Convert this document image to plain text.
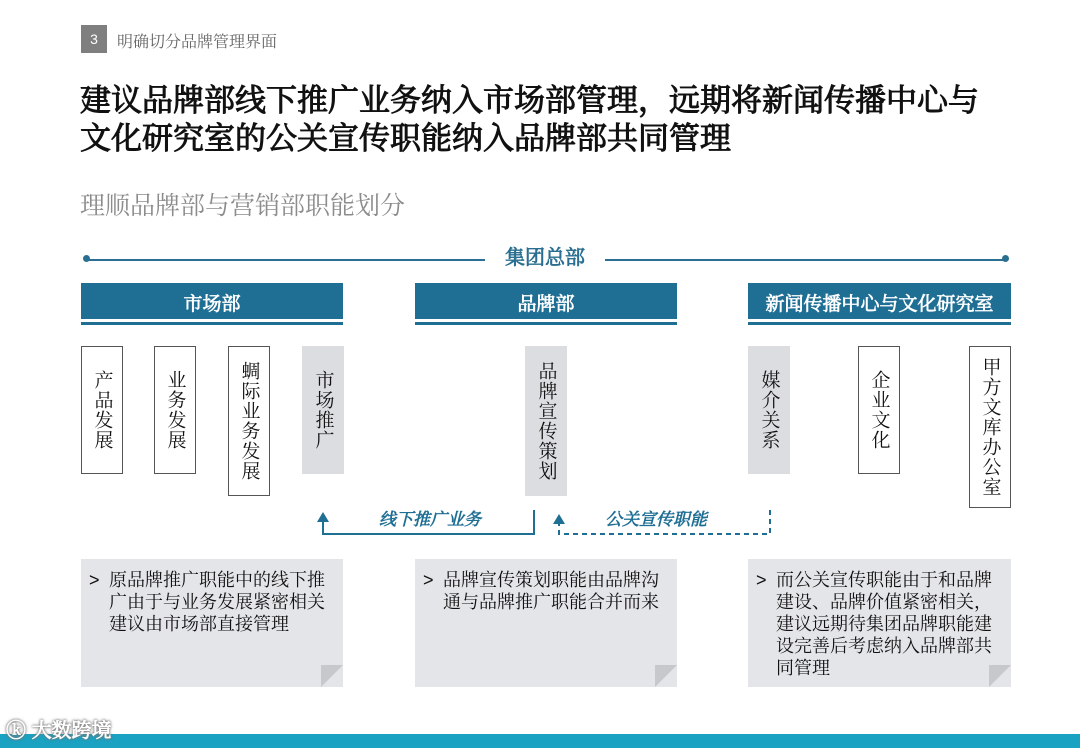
3	明确切分品牌管理界面
建议品牌部线下推广业务纳入市场部管理，远期将新闻传播中心与
文化研究室的公关宣传职能纳入品牌部共同管理
理顺品牌部与营销部职能划分
集团总部
市场部	品牌部	新闻传播中心与文化研究室
产品发展	业务发展	蜩际业务发展	市场推广	品牌宣传策划	媒介关系	企业文化	甲方文库办公室
线下推广业务	公关宣传职能
> 原品牌推广职能中的线下推广由于与业务发展紧密相关建议由市场部直接管理
> 品牌宣传策划职能由品牌沟通与品牌推广职能合并而来
> 而公关宣传职能由于和品牌建设、品牌价值紧密相关，建议远期待集团品牌职能建设完善后考虑纳入品牌部共同管理
ⓚ 大数跨境
